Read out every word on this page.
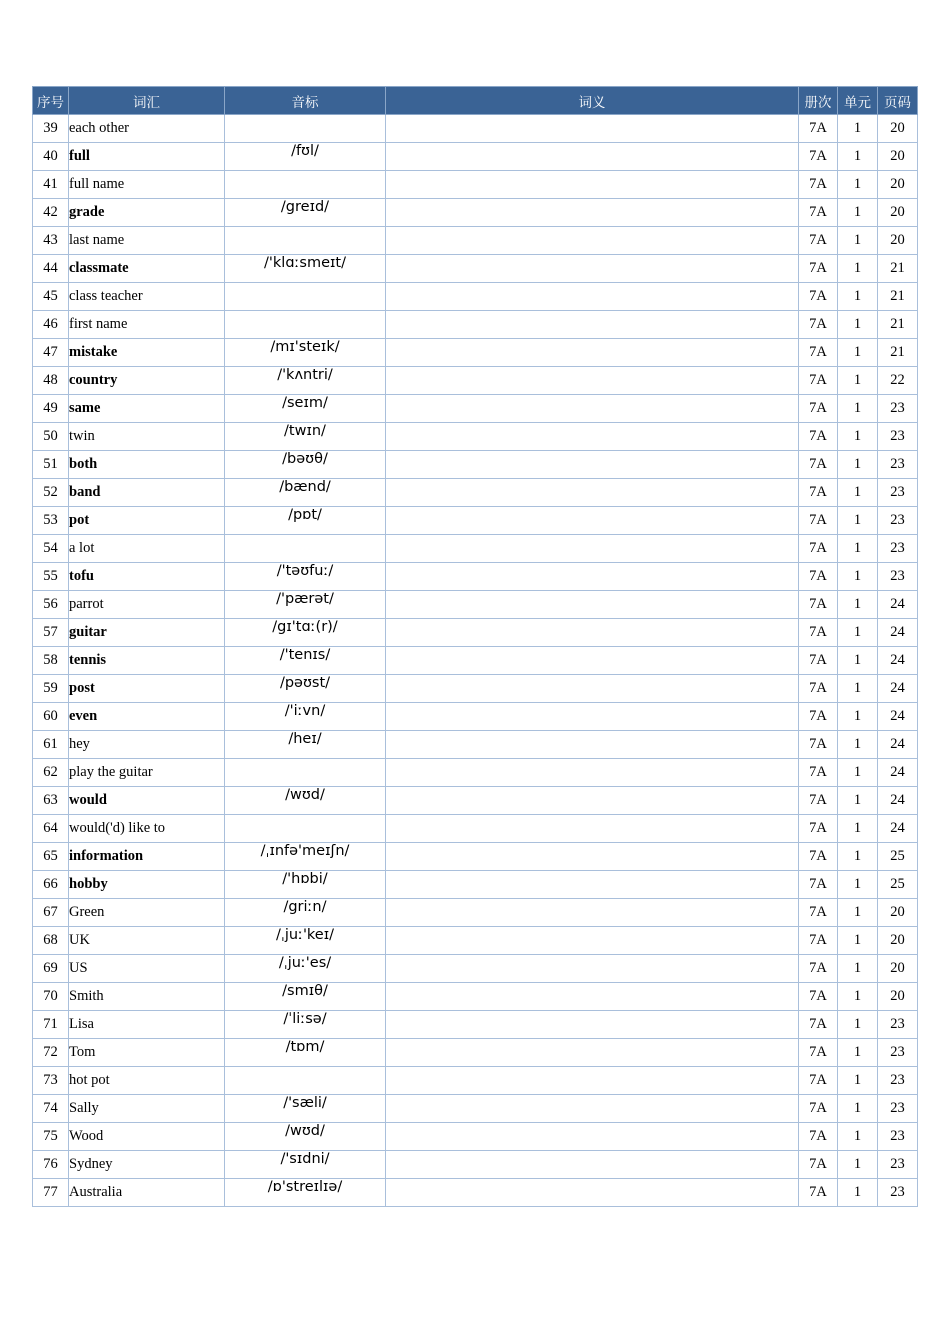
序号	词汇	音标	词义	册次	单元	页码
39	each other			7A	1	20
40	full	/fʊl/		7A	1	20
41	full name			7A	1	20
42	grade	/greɪd/		7A	1	20
43	last name			7A	1	20
44	classmate	/'klɑːsmeɪt/		7A	1	21
45	class teacher			7A	1	21
46	first name			7A	1	21
47	mistake	/mɪ'steɪk/		7A	1	21
48	country	/'kʌntri/		7A	1	22
49	same	/seɪm/		7A	1	23
50	twin	/twɪn/		7A	1	23
51	both	/bəʊθ/		7A	1	23
52	band	/bænd/		7A	1	23
53	pot	/pɒt/		7A	1	23
54	a lot			7A	1	23
55	tofu	/'təʊfuː/		7A	1	23
56	parrot	/'pærət/		7A	1	24
57	guitar	/gɪ'tɑː(r)/		7A	1	24
58	tennis	/'tenɪs/		7A	1	24
59	post	/pəʊst/		7A	1	24
60	even	/'iːvn/		7A	1	24
61	hey	/heɪ/		7A	1	24
62	play the guitar			7A	1	24
63	would	/wʊd/		7A	1	24
64	would('d) like to			7A	1	24
65	information	/ˌɪnfə'meɪʃn/		7A	1	25
66	hobby	/'hɒbi/		7A	1	25
67	Green	/griːn/		7A	1	20
68	UK	/ˌjuː'keɪ/		7A	1	20
69	US	/ˌjuː'es/		7A	1	20
70	Smith	/smɪθ/		7A	1	20
71	Lisa	/ˈliːsə/		7A	1	23
72	Tom	/tɒm/		7A	1	23
73	hot pot			7A	1	23
74	Sally	/'sæli/		7A	1	23
75	Wood	/wʊd/		7A	1	23
76	Sydney	/'sɪdni/		7A	1	23
77	Australia	/ɒ'streɪlɪə/		7A	1	23
